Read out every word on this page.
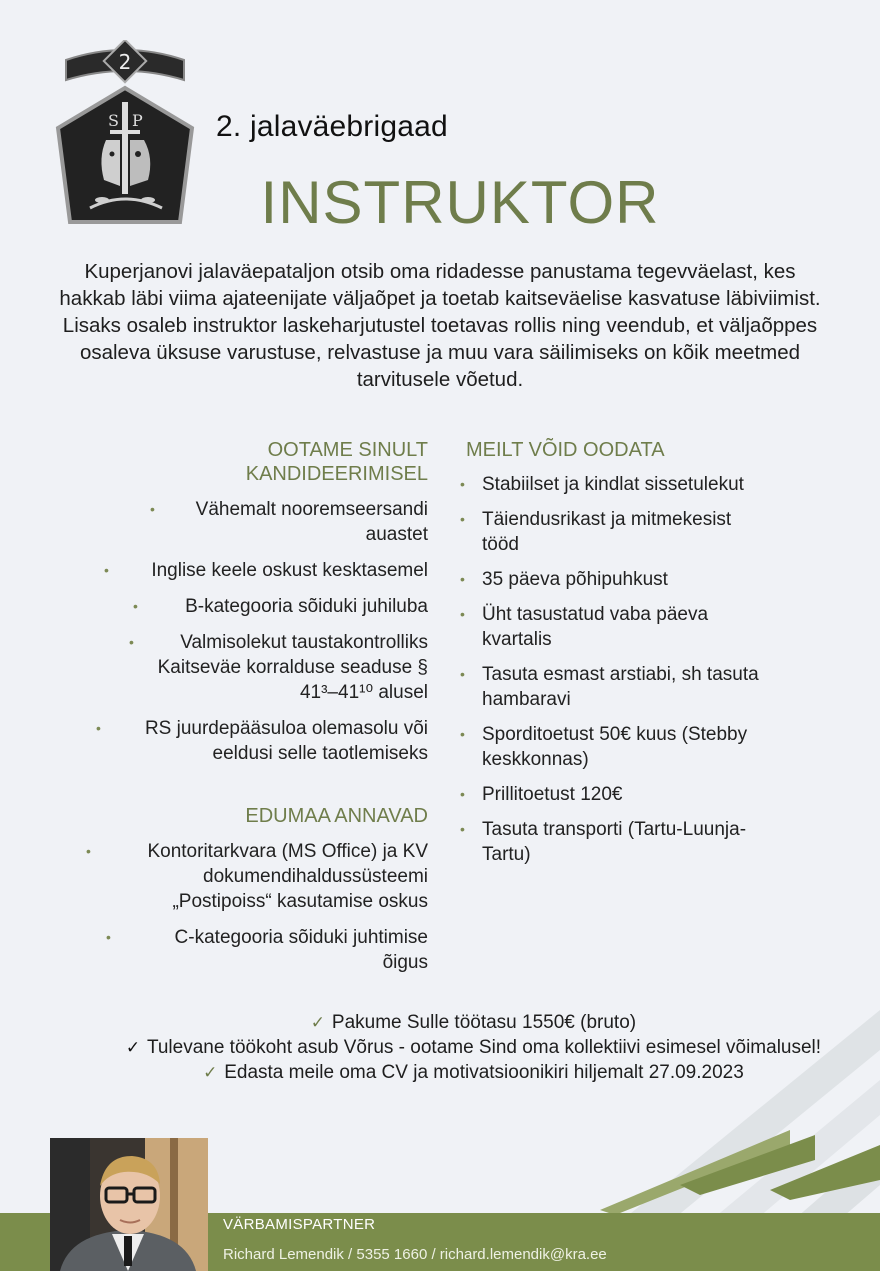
2
S P 2. jalaväebrigaad
INSTRUKTOR
Kuperjanovi jalaväepataljon otsib oma ridadesse panustama tegevväelast, kes hakkab läbi viima ajateenijate väljaõpet ja toetab kaitseväelise kasvatuse läbiviimist. Lisaks osaleb instruktor laskeharjutustel toetavas rollis ning veendub, et väljaõppes osaleva üksuse varustuse, relvastuse ja muu vara säilimiseks on kõik meetmed tarvitusele võetud.
OOTAME SINULT
KANDIDEERIMISEL
• Vähemalt nooremseersandi auastet
• Inglise keele oskust kesktasemel
• B-kategooria sõiduki juhiluba
• Valmisolekut taustakontrolliks Kaitseväe korralduse seaduse § 41³–41¹⁰ alusel
• RS juurdepääsuloa olemasolu või eeldusi selle taotlemiseks
EDUMAA ANNAVAD
•	Kontoritarkvara (MS Office) ja KV dokumendihaldussüsteemi „Postipoiss“ kasutamise oskus
•	C-kategooria sõiduki juhtimise õigus
MEILT VÕID OODATA
• Stabiilset ja kindlat sissetulekut
• Täiendusrikast ja mitmekesist tööd
• 35 päeva põhipuhkust
• Üht tasustatud vaba päeva kvartalis
• Tasuta esmast arstiabi, sh tasuta hambaravi
• Sporditoetust 50€ kuus (Stebby keskkonnas)
• Prillitoetust 120€
• Tasuta transporti (Tartu-Luunja-Tartu)
✓ Pakume Sulle töötasu 1550€ (bruto)
✓ Tulevane töökoht asub Võrus - ootame Sind oma kollektiivi esimesel võimalusel!
✓ Edasta meile oma CV ja motivatsioonikiri hiljemalt 27.09.2023
VÄRBAMISPARTNER
Richard Lemendik / 5355 1660 / richard.lemendik@kra.ee
